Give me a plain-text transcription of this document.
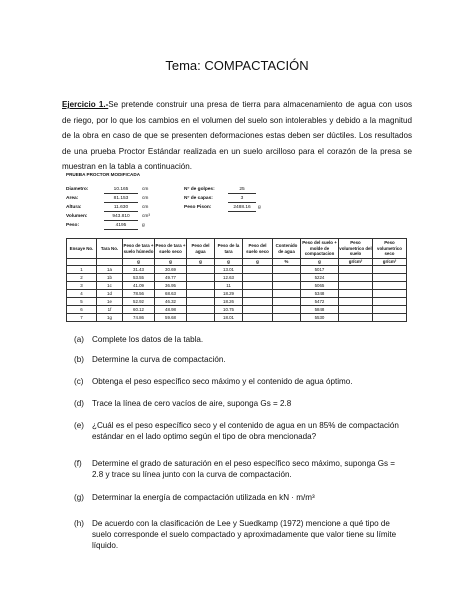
Tema: COMPACTACIÓN
Ejercicio 1.-Se pretende construir una presa de tierra para almacenamiento de agua con usos de riego, por lo que los cambios en el volumen del suelo son intolerables y debido a la magnitud de la obra en caso de que se presenten deformaciones estas deben ser dúctiles. Los resultados de una prueba Proctor Estándar realizada en un suelo arcilloso para el corazón de la presa se muestran en la tabla a continuación.
PRUEBA PROCTOR MODIFICADA
Diametro:	10.165	cm	N° de golpes:	25
Area:	81.153	cm	N° de capas:	3
Altura:	11.630	cm	Peso Pison:	2488.16	g
Volumen:	943.810	cm³
Peso:	4195	g
Ensaye No.	Tara No.	Peso de tara + suelo húmedo	Peso de tara + suelo seco	Peso del agua	Peso de la tara	Peso del suelo seco	Contenido de agua	Peso del suelo + molde de compactacion	Peso volumetrico del suelo	Peso volumetrico seco
		g	g	g	g	g	%	g	gr/cm³	gr/cm³
1	1a	31.43	30.69		13.01			5017		
2	1b	53.55	49.77		12.63			5224		
3	1c	41.09	36.95		11			5065		
4	1d	78.56	68.63		18.29			5348		
5	1e	52.92	46.32		18.26			5472		
6	1f	60.12	48.98		10.75			5848		
7	1g	74.86	59.68		18.01			5530		
(a) Complete los datos de la tabla.
(b) Determine la curva de compactación.
(c) Obtenga el peso específico seco máximo y el contenido de agua óptimo.
(d) Trace la línea de cero vacíos de aire, suponga Gs = 2.8
(e) ¿Cuál es el peso específico seco y el contenido de agua en un 85% de compactación estándar en el lado optimo según el tipo de obra mencionada?
(f) Determine el grado de saturación en el peso específico seco máximo, suponga Gs = 2.8 y trace su línea junto con la curva de compactación.
(g) Determinar la energía de compactación utilizada en kN · m/m³
(h) De acuerdo con la clasificación de Lee y Suedkamp (1972) mencione a qué tipo de suelo corresponde el suelo compactado y aproximadamente que valor tiene su límite líquido.
